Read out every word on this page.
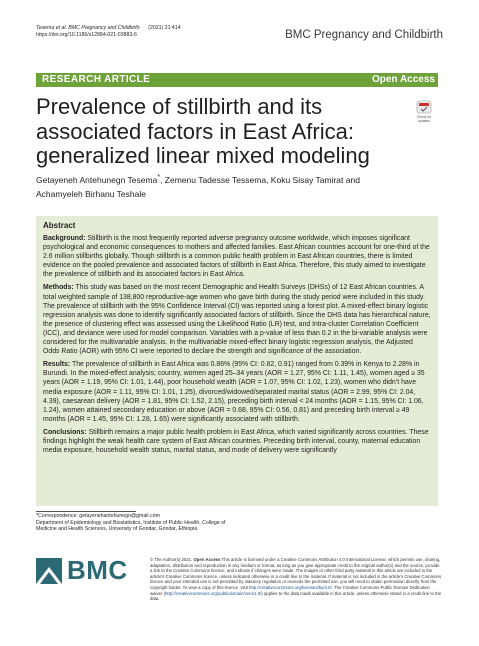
Tesema et al. BMC Pregnancy and Childbirth (2021) 21:414
https://doi.org/10.1186/s12884-021-03883-6	BMC Pregnancy and Childbirth
RESEARCH ARTICLE	Open Access
Prevalence of stillbirth and its associated factors in East Africa: generalized linear mixed modeling
Check for updates
Getayeneh Antehunegn Tesema*, Zemenu Tadesse Tessema, Koku Sisay Tamirat and
Achamyeleh Birhanu Teshale
Abstract
Background: Stillbirth is the most frequently reported adverse pregnancy outcome worldwide, which imposes significant psychological and economic consequences to mothers and affected families. East African countries account for one-third of the 2.6 million stillbirths globally. Though stillbirth is a common public health problem in East African countries, there is limited evidence on the pooled prevalence and associated factors of stillbirth in East Africa. Therefore, this study aimed to investigate the prevalence of stillbirth and its associated factors in East Africa.
Methods: This study was based on the most recent Demographic and Health Surveys (DHSs) of 12 East African countries. A total weighted sample of 138,800 reproductive-age women who gave birth during the study period were included in this study. The prevalence of stillbirth with the 95% Confidence Interval (CI) was reported using a forest plot. A mixed-effect binary logistic regression analysis was done to identify significantly associated factors of stillbirth. Since the DHS data has hierarchical nature, the presence of clustering effect was assessed using the Likelihood Ratio (LR) test, and Intra-cluster Correlation Coefficient (ICC), and deviance were used for model comparison. Variables with a p-value of less than 0.2 in the bi-variable analysis were considered for the multivariable analysis. In the multivariable mixed-effect binary logistic regression analysis, the Adjusted Odds Ratio (AOR) with 95% CI were reported to declare the strength and significance of the association.
Results: The prevalence of stillbirth in East Africa was 0.86% (95% CI: 0.82, 0.91) ranged from 0.39% in Kenya to 2.28% in Burundi. In the mixed-effect analysis; country, women aged 25–34 years (AOR = 1.27, 95% CI: 1.11, 1.45), women aged ≥ 35 years (AOR = 1.19, 95% CI: 1.01, 1.44), poor household wealth (AOR = 1.07, 95% CI: 1.02, 1.23), women who didn’t have media exposure (AOR = 1.11, 95% CI: 1.01, 1.25), divorced/widowed/separated marital status (AOR = 2.99, 95% CI: 2.04, 4.39), caesarean delivery (AOR = 1.81, 95% CI: 1.52, 2.15), preceding birth interval < 24 months (AOR = 1.15, 95% CI: 1.06, 1.24), women attained secondary education or above (AOR = 0.68, 95% CI: 0.56, 0.81) and preceding birth interval ≥ 49 months (AOR = 1.45, 95% CI: 1.28, 1.65) were significantly associated with stillbirth.
Conclusions: Stillbirth remains a major public health problem in East Africa, which varied significantly across countries. These findings highlight the weak health care system of East African countries. Preceding birth interval, county, maternal education media exposure, household wealth status, marital status, and mode of delivery were significantly
*Correspondence: getayenehantehunegn@gmail.com
Department of Epidemiology and Biostatistics, Institute of Public Health, College of Medicine and Health Sciences, University of Gondar, Gondar, Ethiopia
BMC	© The Author(s) 2021. Open Access This article is licensed under a Creative Commons Attribution 4.0 International License, which permits use, sharing, adaptation, distribution and reproduction in any medium or format, as long as you give appropriate credit to the original author(s) and the source, provide a link to the Creative Commons licence, and indicate if changes were made. The images or other third party material in this article are included in the article's Creative Commons licence, unless indicated otherwise in a credit line to the material. If material is not included in the article's Creative Commons licence and your intended use is not permitted by statutory regulation or exceeds the permitted use, you will need to obtain permission directly from the copyright holder. To view a copy of this licence, visit http://creativecommons.org/licenses/by/4.0/. The Creative Commons Public Domain Dedication waiver (http://creativecommons.org/publicdomain/zero/1.0/) applies to the data made available in this article, unless otherwise stated in a credit line to the data.
